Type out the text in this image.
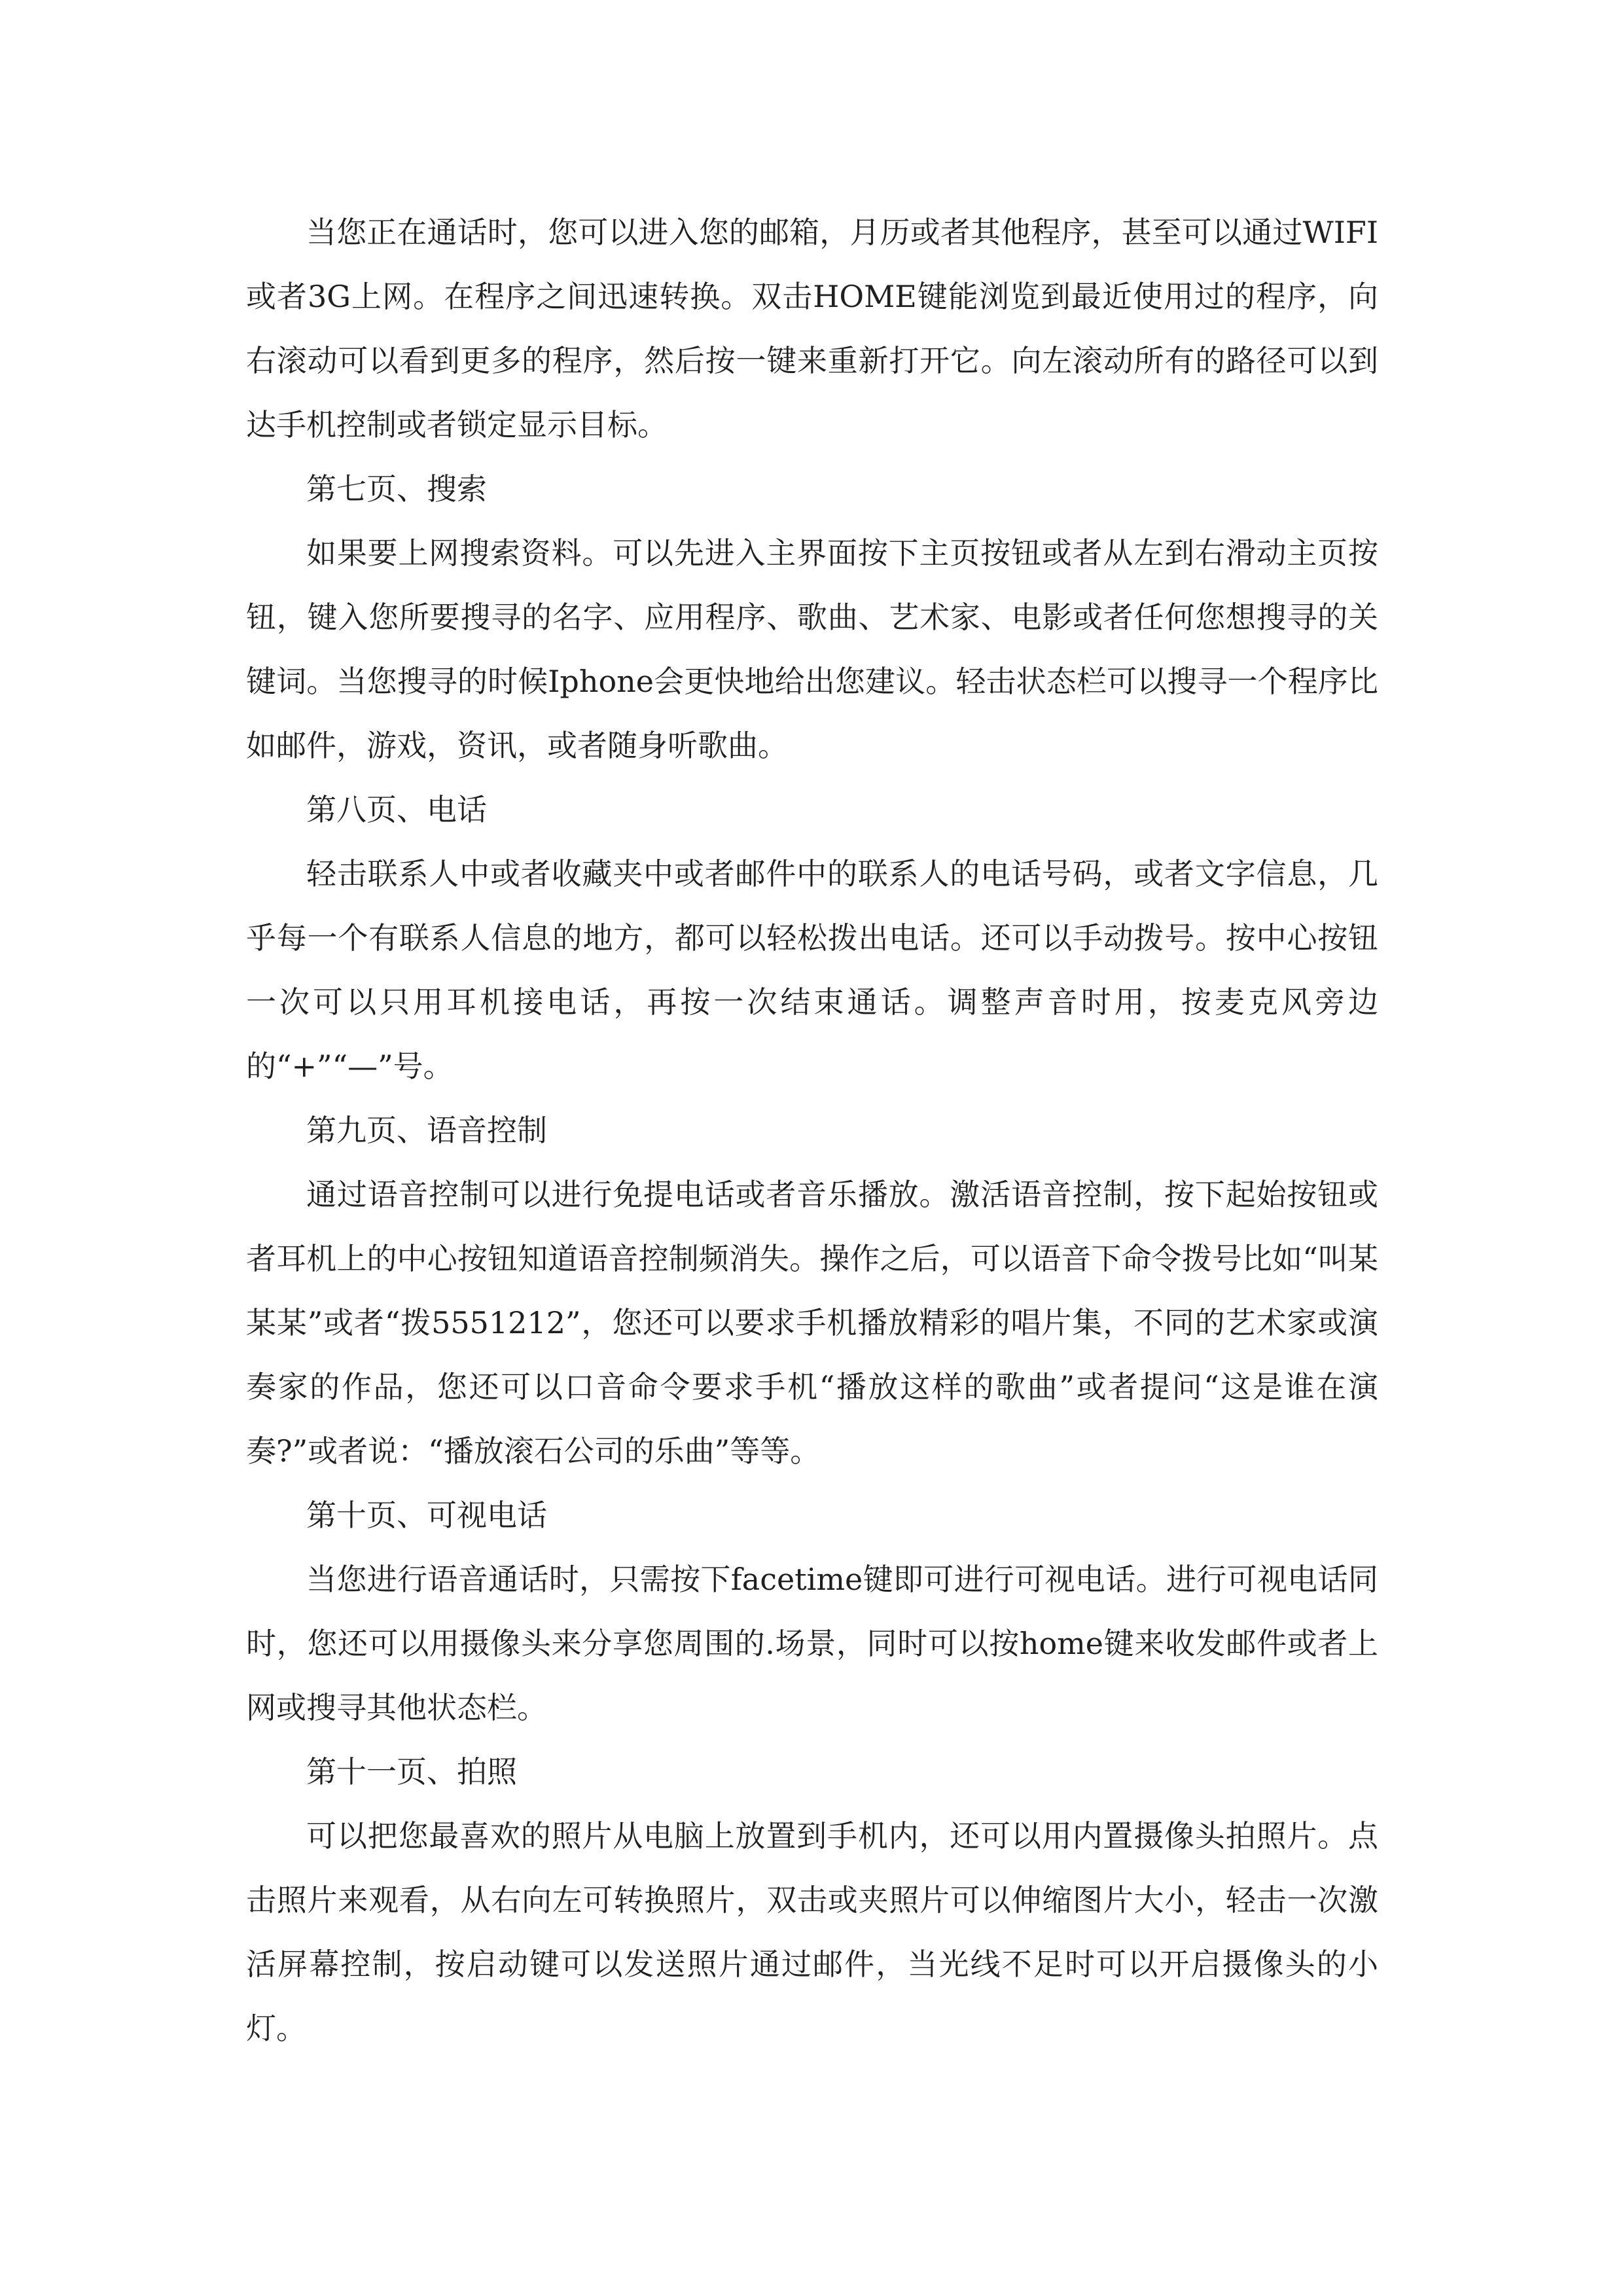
当您正在通话时，您可以进入您的邮箱，月历或者其他程序，甚至可以通过WIFI或者3G上网。在程序之间迅速转换。双击HOME键能浏览到最近使用过的程序，向右滚动可以看到更多的程序，然后按一键来重新打开它。向左滚动所有的路径可以到达手机控制或者锁定显示目标。

第七页、搜索

如果要上网搜索资料。可以先进入主界面按下主页按钮或者从左到右滑动主页按钮，键入您所要搜寻的名字、应用程序、歌曲、艺术家、电影或者任何您想搜寻的关键词。当您搜寻的时候Iphone会更快地给出您建议。轻击状态栏可以搜寻一个程序比如邮件，游戏，资讯，或者随身听歌曲。

第八页、电话

轻击联系人中或者收藏夹中或者邮件中的联系人的电话号码，或者文字信息，几乎每一个有联系人信息的地方，都可以轻松拨出电话。还可以手动拨号。按中心按钮一次可以只用耳机接电话，再按一次结束通话。调整声音时用，按麦克风旁边的“+”“—”号。

第九页、语音控制

通过语音控制可以进行免提电话或者音乐播放。激活语音控制，按下起始按钮或者耳机上的中心按钮知道语音控制频消失。操作之后，可以语音下命令拨号比如“叫某某某”或者“拨5551212”，您还可以要求手机播放精彩的唱片集，不同的艺术家或演奏家的作品，您还可以口音命令要求手机“播放这样的歌曲”或者提问“这是谁在演奏?”或者说：“播放滚石公司的乐曲”等等。

第十页、可视电话

当您进行语音通话时，只需按下facetime键即可进行可视电话。进行可视电话同时，您还可以用摄像头来分享您周围的.场景，同时可以按home键来收发邮件或者上网或搜寻其他状态栏。

第十一页、拍照

可以把您最喜欢的照片从电脑上放置到手机内，还可以用内置摄像头拍照片。点击照片来观看，从右向左可转换照片，双击或夹照片可以伸缩图片大小，轻击一次激活屏幕控制，按启动键可以发送照片通过邮件，当光线不足时可以开启摄像头的小灯。
